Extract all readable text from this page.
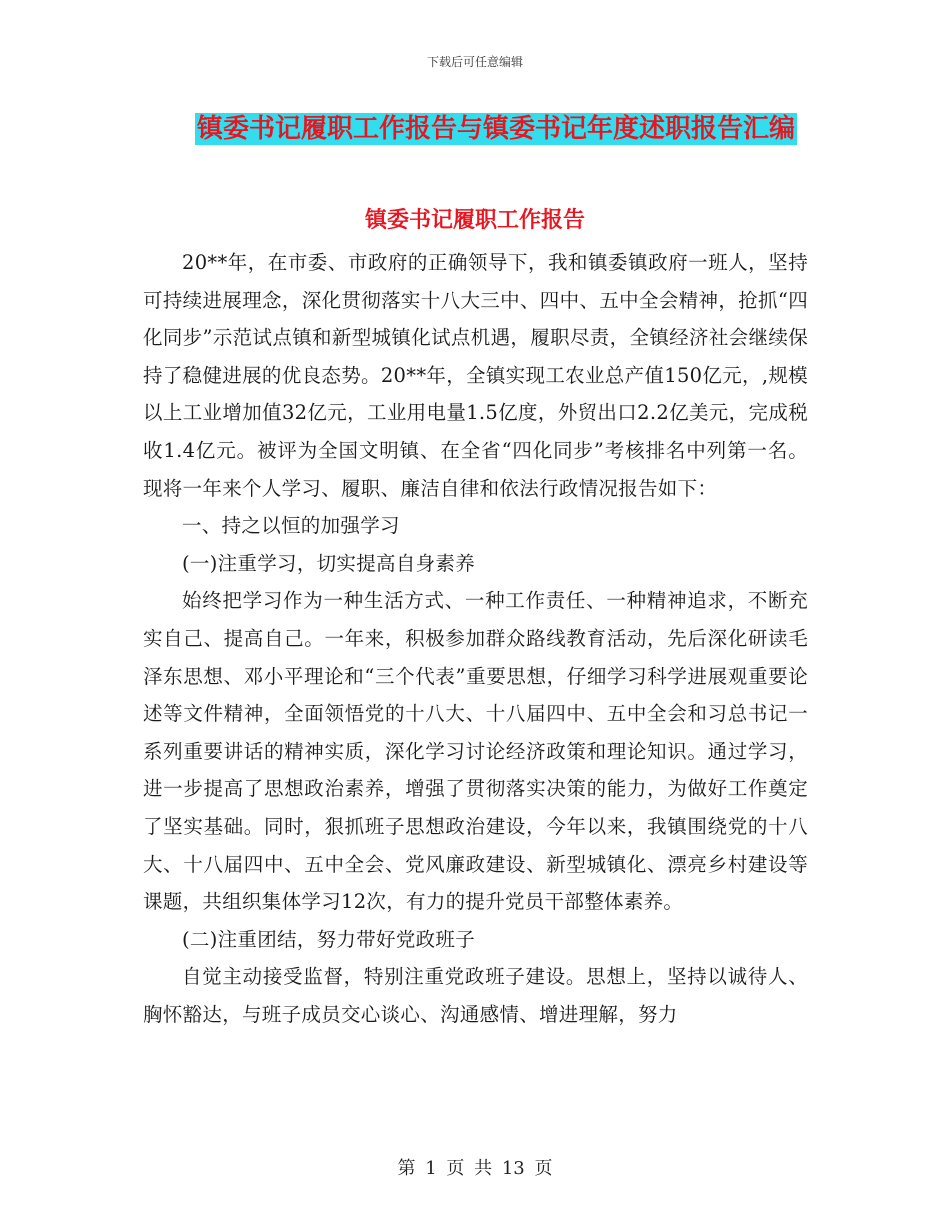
下载后可任意编辑
镇委书记履职工作报告与镇委书记年度述职报告汇编
镇委书记履职工作报告

20**年，在市委、市政府的正确领导下，我和镇委镇政府一班人，坚持可持续进展理念，深化贯彻落实十八大三中、四中、五中全会精神，抢抓“四化同步”示范试点镇和新型城镇化试点机遇，履职尽责，全镇经济社会继续保持了稳健进展的优良态势。20**年，全镇实现工农业总产值150亿元，,规模以上工业增加值32亿元，工业用电量1.5亿度，外贸出口2.2亿美元，完成税收1.4亿元。被评为全国文明镇、在全省“四化同步”考核排名中列第一名。现将一年来个人学习、履职、廉洁自律和依法行政情况报告如下：

一、持之以恒的加强学习

(一)注重学习，切实提高自身素养

始终把学习作为一种生活方式、一种工作责任、一种精神追求，不断充实自己、提高自己。一年来，积极参加群众路线教育活动，先后深化研读毛泽东思想、邓小平理论和“三个代表”重要思想，仔细学习科学进展观重要论述等文件精神，全面领悟党的十八大、十八届四中、五中全会和习总书记一系列重要讲话的精神实质，深化学习讨论经济政策和理论知识。通过学习，进一步提高了思想政治素养，增强了贯彻落实决策的能力，为做好工作奠定了坚实基础。同时，狠抓班子思想政治建设，今年以来，我镇围绕党的十八大、十八届四中、五中全会、党风廉政建设、新型城镇化、漂亮乡村建设等课题，共组织集体学习12次，有力的提升党员干部整体素养。

(二)注重团结，努力带好党政班子

自觉主动接受监督，特别注重党政班子建设。思想上，坚持以诚待人、胸怀豁达，与班子成员交心谈心、沟通感情、增进理解，努力

第 1 页 共 13 页
